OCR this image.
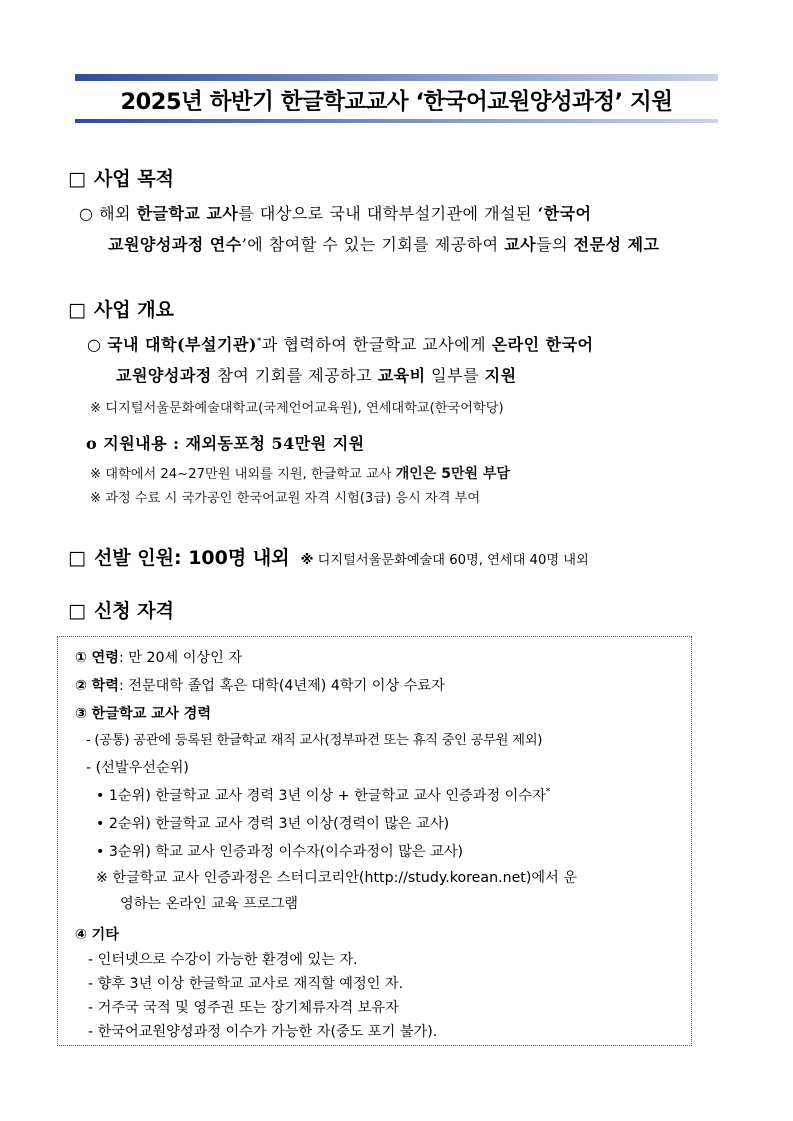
2025년 하반기 한글학교교사 ‘한국어교원양성과정’ 지원
□ 사업 목적
○ 해외 한글학교 교사를 대상으로 국내 대학부설기관에 개설된 ‘한국어
교원양성과정 연수’에 참여할 수 있는 기회를 제공하여 교사들의 전문성 제고
□ 사업 개요
○ 국내 대학(부설기관)*과 협력하여 한글학교 교사에게 온라인 한국어
교원양성과정 참여 기회를 제공하고 교육비 일부를 지원
※ 디지털서울문화예술대학교(국제언어교육원), 연세대학교(한국어학당)
o 지원내용 : 재외동포청 54만원 지원
※ 대학에서 24∼27만원 내외를 지원, 한글학교 교사 개인은 5만원 부담
※ 과정 수료 시 국가공인 한국어교원 자격 시험(3급) 응시 자격 부여
□ 선발 인원: 100명 내외 ※ 디지털서울문화예술대 60명, 연세대 40명 내외
□ 신청 자격
① 연령: 만 20세 이상인 자
② 학력: 전문대학 졸업 혹은 대학(4년제) 4학기 이상 수료자
③ 한글학교 교사 경력
- (공통) 공관에 등록된 한글학교 재직 교사(정부파견 또는 휴직 중인 공무원 제외)
- (선발우선순위)
• 1순위) 한글학교 교사 경력 3년 이상 + 한글학교 교사 인증과정 이수자*
• 2순위) 한글학교 교사 경력 3년 이상(경력이 많은 교사)
• 3순위) 학교 교사 인증과정 이수자(이수과정이 많은 교사)
※ 한글학교 교사 인증과정은 스터디코리안(http://study.korean.net)에서 운
영하는 온라인 교육 프로그램
④ 기타
- 인터넷으로 수강이 가능한 환경에 있는 자.
- 향후 3년 이상 한글학교 교사로 재직할 예정인 자.
- 거주국 국적 및 영주권 또는 장기체류자격 보유자
- 한국어교원양성과정 이수가 가능한 자(중도 포기 불가).
